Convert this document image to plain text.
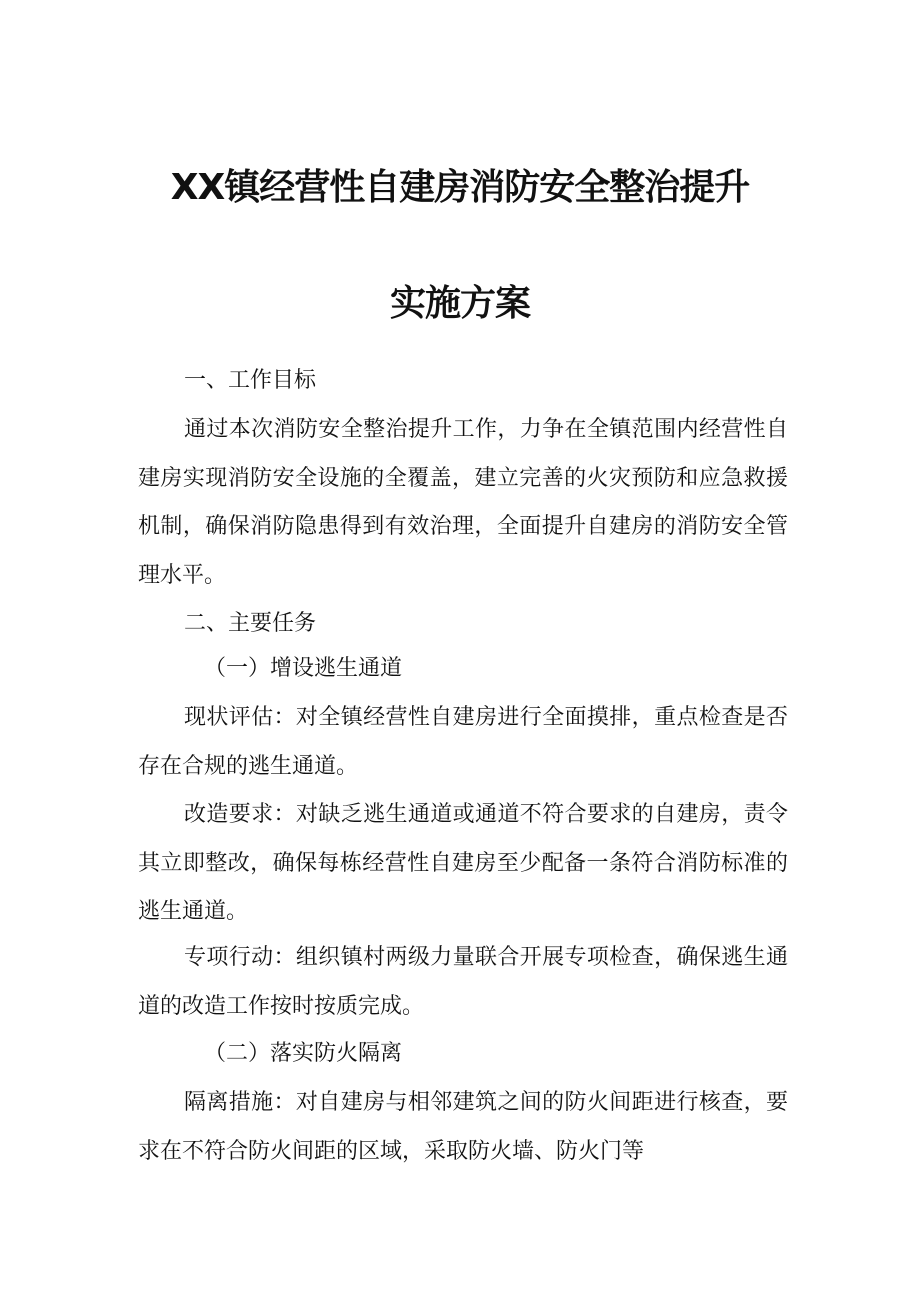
XX镇经营性自建房消防安全整治提升
实施方案

一、工作目标

通过本次消防安全整治提升工作，力争在全镇范围内经营性自建房实现消防安全设施的全覆盖，建立完善的火灾预防和应急救援机制，确保消防隐患得到有效治理，全面提升自建房的消防安全管理水平。

二、主要任务

（一）增设逃生通道

现状评估：对全镇经营性自建房进行全面摸排，重点检查是否存在合规的逃生通道。

改造要求：对缺乏逃生通道或通道不符合要求的自建房，责令其立即整改，确保每栋经营性自建房至少配备一条符合消防标准的逃生通道。

专项行动：组织镇村两级力量联合开展专项检查，确保逃生通道的改造工作按时按质完成。

（二）落实防火隔离

隔离措施：对自建房与相邻建筑之间的防火间距进行核查，要求在不符合防火间距的区域，采取防火墙、防火门等
